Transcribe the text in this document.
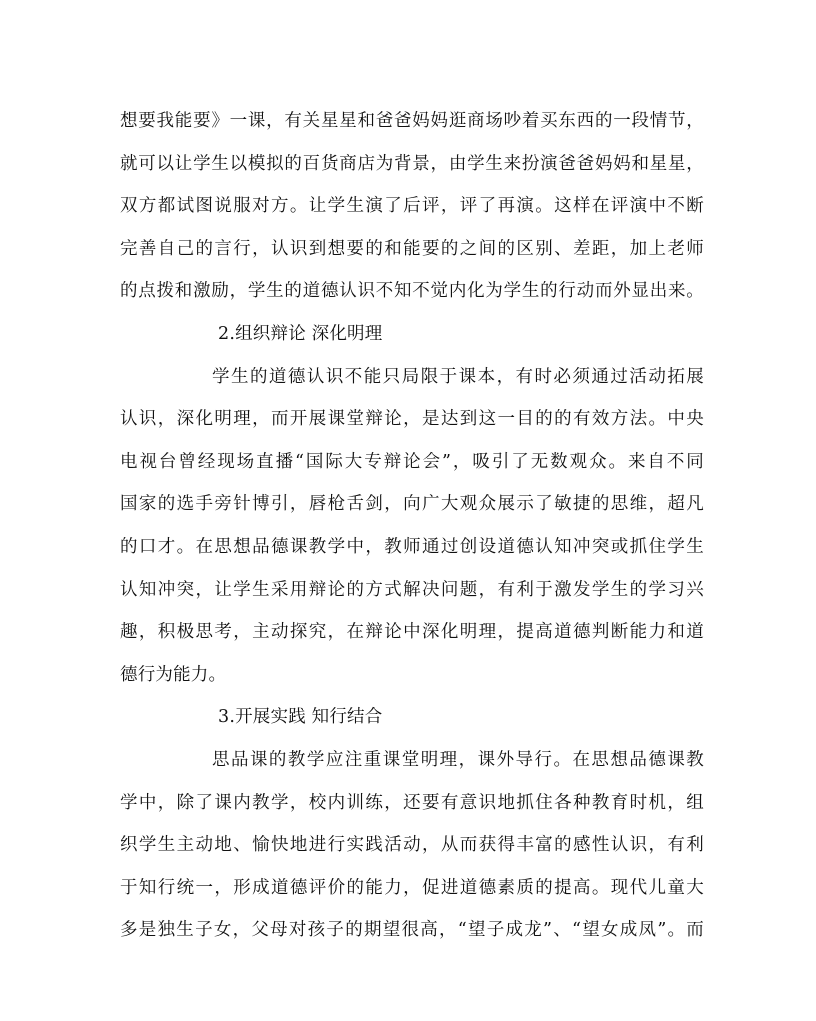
想要我能要》一课，有关星星和爸爸妈妈逛商场吵着买东西的一段情节，
就可以让学生以模拟的百货商店为背景，由学生来扮演爸爸妈妈和星星，
双方都试图说服对方。让学生演了后评，评了再演。这样在评演中不断
完善自己的言行，认识到想要的和能要的之间的区别、差距，加上老师
的点拨和激励，学生的道德认识不知不觉内化为学生的行动而外显出来。
2.组织辩论 深化明理
学生的道德认识不能只局限于课本，有时必须通过活动拓展
认识，深化明理，而开展课堂辩论，是达到这一目的的有效方法。中央
电视台曾经现场直播“国际大专辩论会”，吸引了无数观众。来自不同
国家的选手旁针博引，唇枪舌剑，向广大观众展示了敏捷的思维，超凡
的口才。在思想品德课教学中，教师通过创设道德认知冲突或抓住学生
认知冲突，让学生采用辩论的方式解决问题，有利于激发学生的学习兴
趣，积极思考，主动探究，在辩论中深化明理，提高道德判断能力和道
德行为能力。
3.开展实践 知行结合
思品课的教学应注重课堂明理，课外导行。在思想品德课教
学中，除了课内教学，校内训练，还要有意识地抓住各种教育时机，组
织学生主动地、愉快地进行实践活动，从而获得丰富的感性认识，有利
于知行统一，形成道德评价的能力，促进道德素质的提高。现代儿童大
多是独生子女，父母对孩子的期望很高，“望子成龙”、“望女成凤”。而
